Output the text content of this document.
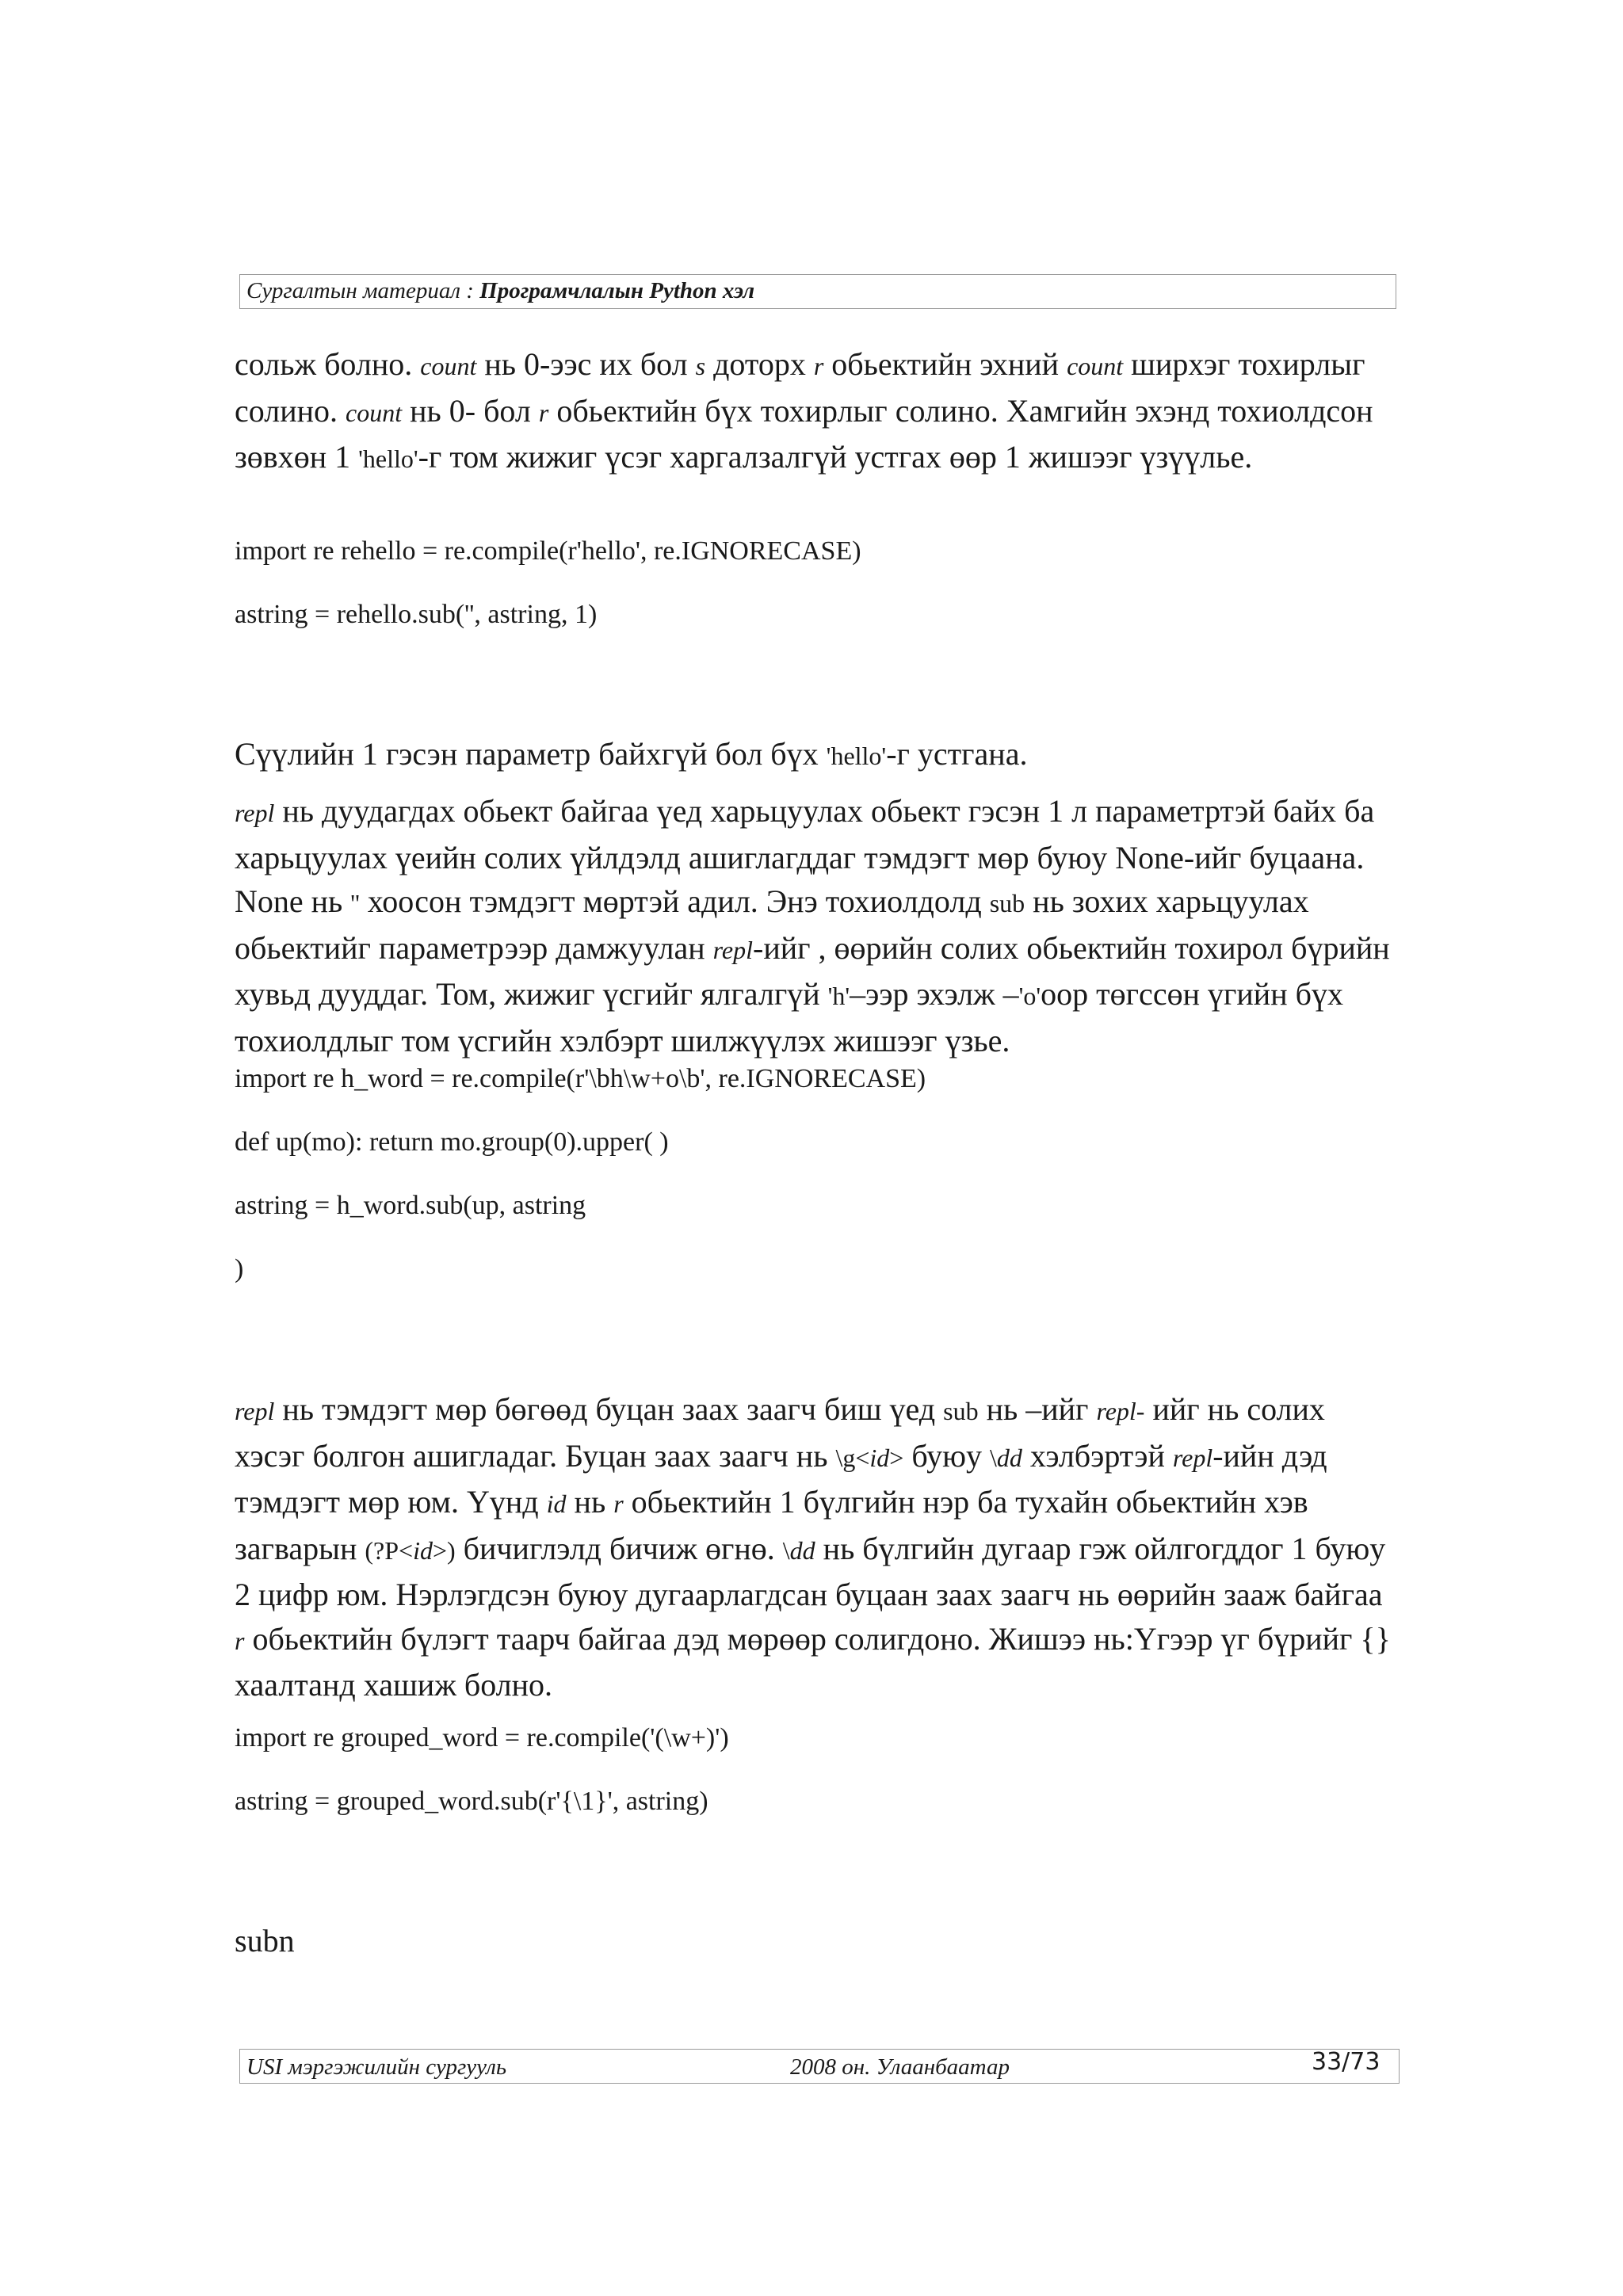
Сургалтын материал : Програмчлалын Python хэл

сольж болно. count нь 0-ээс их бол s доторх r обьектийн эхний count ширхэг тохирлыг солино. count нь 0- бол r обьектийн бүх тохирлыг солино. Хамгийн эхэнд тохиолдсон зөвхөн 1 'hello'-г том жижиг үсэг харгалзалгүй устгах өөр 1 жишээг үзүүлье.

import re rehello = re.compile(r'hello', re.IGNORECASE)

astring = rehello.sub('', astring, 1)

Сүүлийн 1 гэсэн параметр байхгүй бол бүх 'hello'-г устгана.

repl нь дуудагдах обьект байгаа үед харьцуулах обьект гэсэн 1 л параметртэй байх ба харьцуулах үеийн солих үйлдэлд ашиглагддаг тэмдэгт мөр буюу None-ийг буцаана. None нь '' хоосон тэмдэгт мөртэй адил. Энэ тохиолдолд sub нь зохих харьцуулах обьектийг параметрээр дамжуулан repl-ийг , өөрийн солих обьектийн тохирол бүрийн хувьд дууддаг. Том, жижиг үсгийг ялгалгүй 'h'–ээр эхэлж –'o'оор төгссөн үгийн бүх тохиолдлыг том үсгийн хэлбэрт шилжүүлэх жишээг үзье.

import re h_word = re.compile(r'\bh\w+o\b', re.IGNORECASE)

def up(mo): return mo.group(0).upper( )

astring = h_word.sub(up, astring

)

repl нь тэмдэгт мөр бөгөөд буцан заах заагч биш үед sub нь –ийг repl- ийг нь солих хэсэг болгон ашигладаг. Буцан заах заагч нь \g<id> буюу \dd хэлбэртэй repl-ийн дэд тэмдэгт мөр юм. Үүнд id нь r обьектийн 1 бүлгийн нэр ба тухайн обьектийн хэв загварын (?P<id>) бичиглэлд бичиж өгнө. \dd нь бүлгийн дугаар гэж ойлгогддог 1 буюу 2 цифр юм. Нэрлэгдсэн буюу дугаарлагдсан буцаан заах заагч нь өөрийн зааж байгаа r обьектийн бүлэгт таарч байгаа дэд мөрөөр солигдоно. Жишээ нь:Үгээр үг бүрийг {} хаалтанд хашиж болно.

import re grouped_word = re.compile('(\w+)')

astring = grouped_word.sub(r'{\1}', astring)

subn

USI мэргэжилийн сургууль	2008 он. Улаанбаатар	33/73
